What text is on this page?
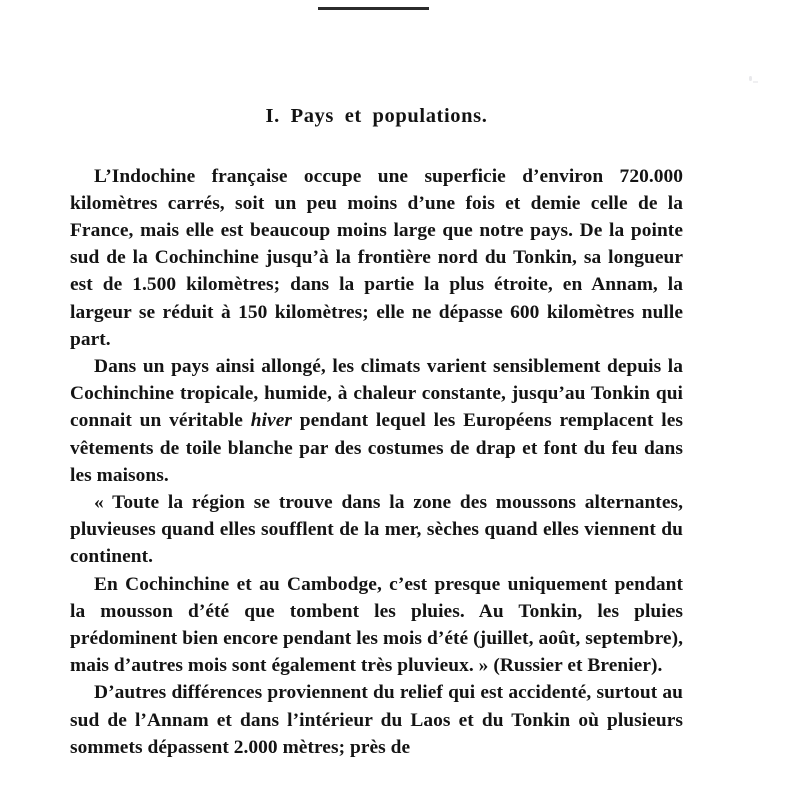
I. Pays et populations.

L’Indochine française occupe une superficie d’environ 720.000 kilomètres carrés, soit un peu moins d’une fois et demie celle de la France, mais elle est beaucoup moins large que notre pays. De la pointe sud de la Cochinchine jusqu’à la frontière nord du Tonkin, sa longueur est de 1.500 kilomètres; dans la partie la plus étroite, en Annam, la largeur se réduit à 150 kilomètres; elle ne dépasse 600 kilomètres nulle part.

Dans un pays ainsi allongé, les climats varient sensiblement depuis la Cochinchine tropicale, humide, à chaleur constante, jusqu’au Tonkin qui connait un véritable hiver pendant lequel les Européens remplacent les vêtements de toile blanche par des costumes de drap et font du feu dans les maisons.

« Toute la région se trouve dans la zone des moussons alternantes, pluvieuses quand elles soufflent de la mer, sèches quand elles viennent du continent.

En Cochinchine et au Cambodge, c’est presque uniquement pendant la mousson d’été que tombent les pluies. Au Tonkin, les pluies prédominent bien encore pendant les mois d’été (juillet, août, septembre), mais d’autres mois sont également très pluvieux. » (Russier et Brenier).

D’autres différences proviennent du relief qui est accidenté, surtout au sud de l’Annam et dans l’intérieur du Laos et du Tonkin où plusieurs sommets dépassent 2.000 mètres; près de
